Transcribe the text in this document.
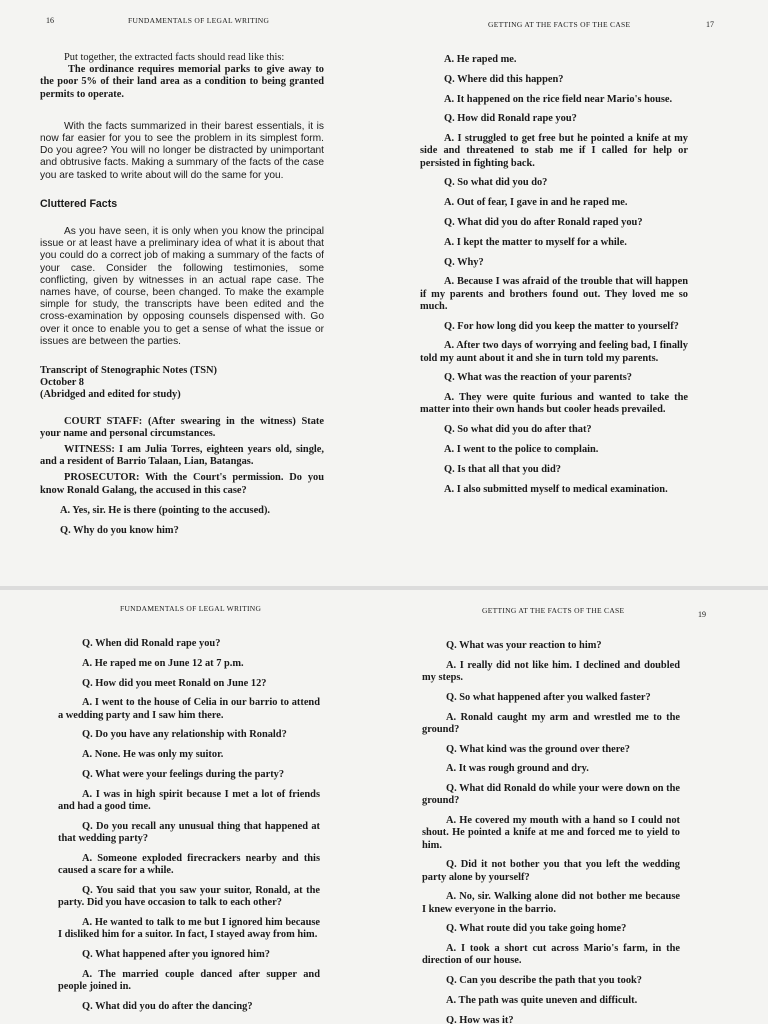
16	FUNDAMENTALS OF LEGAL WRITING

Put together, the extracted facts should read like this:

The ordinance requires memorial parks to give away to the poor 5% of their land area as a condition to being granted permits to operate.

With the facts summarized in their barest essentials, it is now far easier for you to see the problem in its simplest form. Do you agree? You will no longer be distracted by unimportant and obtrusive facts. Making a summary of the facts of the case you are tasked to write about will do the same for you.

Cluttered Facts

As you have seen, it is only when you know the principal issue or at least have a preliminary idea of what it is about that you could do a correct job of making a summary of the facts of your case. Consider the following testimonies, some conflicting, given by witnesses in an actual rape case. The names have, of course, been changed. To make the example simple for study, the transcripts have been edited and the cross-examination by opposing counsels dispensed with. Go over it once to enable you to get a sense of what the issue or issues are between the parties.

Transcript of Stenographic Notes (TSN)

October 8

(Abridged and edited for study)

COURT STAFF: (After swearing in the witness) State your name and personal circumstances.

WITNESS: I am Julia Torres, eighteen years old, single, and a resident of Barrio Talaan, Lian, Batangas.

PROSECUTOR: With the Court's permission. Do you know Ronald Galang, the accused in this case?

A. Yes, sir. He is there (pointing to the accused).

Q. Why do you know him?

GETTING AT THE FACTS OF THE CASE	17

A. He raped me.

Q. Where did this happen?

A. It happened on the rice field near Mario's house.

Q. How did Ronald rape you?

A. I struggled to get free but he pointed a knife at my side and threatened to stab me if I called for help or persisted in fighting back.

Q. So what did you do?

A. Out of fear, I gave in and he raped me.

Q. What did you do after Ronald raped you?

A. I kept the matter to myself for a while.

Q. Why?

A. Because I was afraid of the trouble that will happen if my parents and brothers found out. They loved me so much.

Q. For how long did you keep the matter to yourself?

A. After two days of worrying and feeling bad, I finally told my aunt about it and she in turn told my parents.

Q. What was the reaction of your parents?

A. They were quite furious and wanted to take the matter into their own hands but cooler heads prevailed.

Q. So what did you do after that?

A. I went to the police to complain.

Q. Is that all that you did?

A. I also submitted myself to medical examination.

FUNDAMENTALS OF LEGAL WRITING

Q. When did Ronald rape you?

A. He raped me on June 12 at 7 p.m.

Q. How did you meet Ronald on June 12?

A. I went to the house of Celia in our barrio to attend a wedding party and I saw him there.

Q. Do you have any relationship with Ronald?

A. None. He was only my suitor.

Q. What were your feelings during the party?

A. I was in high spirit because I met a lot of friends and had a good time.

Q. Do you recall any unusual thing that happened at that wedding party?

A. Someone exploded firecrackers nearby and this caused a scare for a while.

Q. You said that you saw your suitor, Ronald, at the party. Did you have occasion to talk to each other?

A. He wanted to talk to me but I ignored him because I disliked him for a suitor. In fact, I stayed away from him.

Q. What happened after you ignored him?

A. The married couple danced after supper and people joined in.

Q. What did you do after the dancing?

GETTING AT THE FACTS OF THE CASE	19

Q. What was your reaction to him?

A. I really did not like him. I declined and doubled my steps.

Q. So what happened after you walked faster?

A. Ronald caught my arm and wrestled me to the ground?

Q. What kind was the ground over there?

A. It was rough ground and dry.

Q. What did Ronald do while your were down on the ground?

A. He covered my mouth with a hand so I could not shout. He pointed a knife at me and forced me to yield to him.

Q. Did it not bother you that you left the wedding party alone by yourself?

A. No, sir. Walking alone did not bother me because I knew everyone in the barrio.

Q. What route did you take going home?

A. I took a short cut across Mario's farm, in the direction of our house.

Q. Can you describe the path that you took?

A. The path was quite uneven and difficult.

Q. How was it?
